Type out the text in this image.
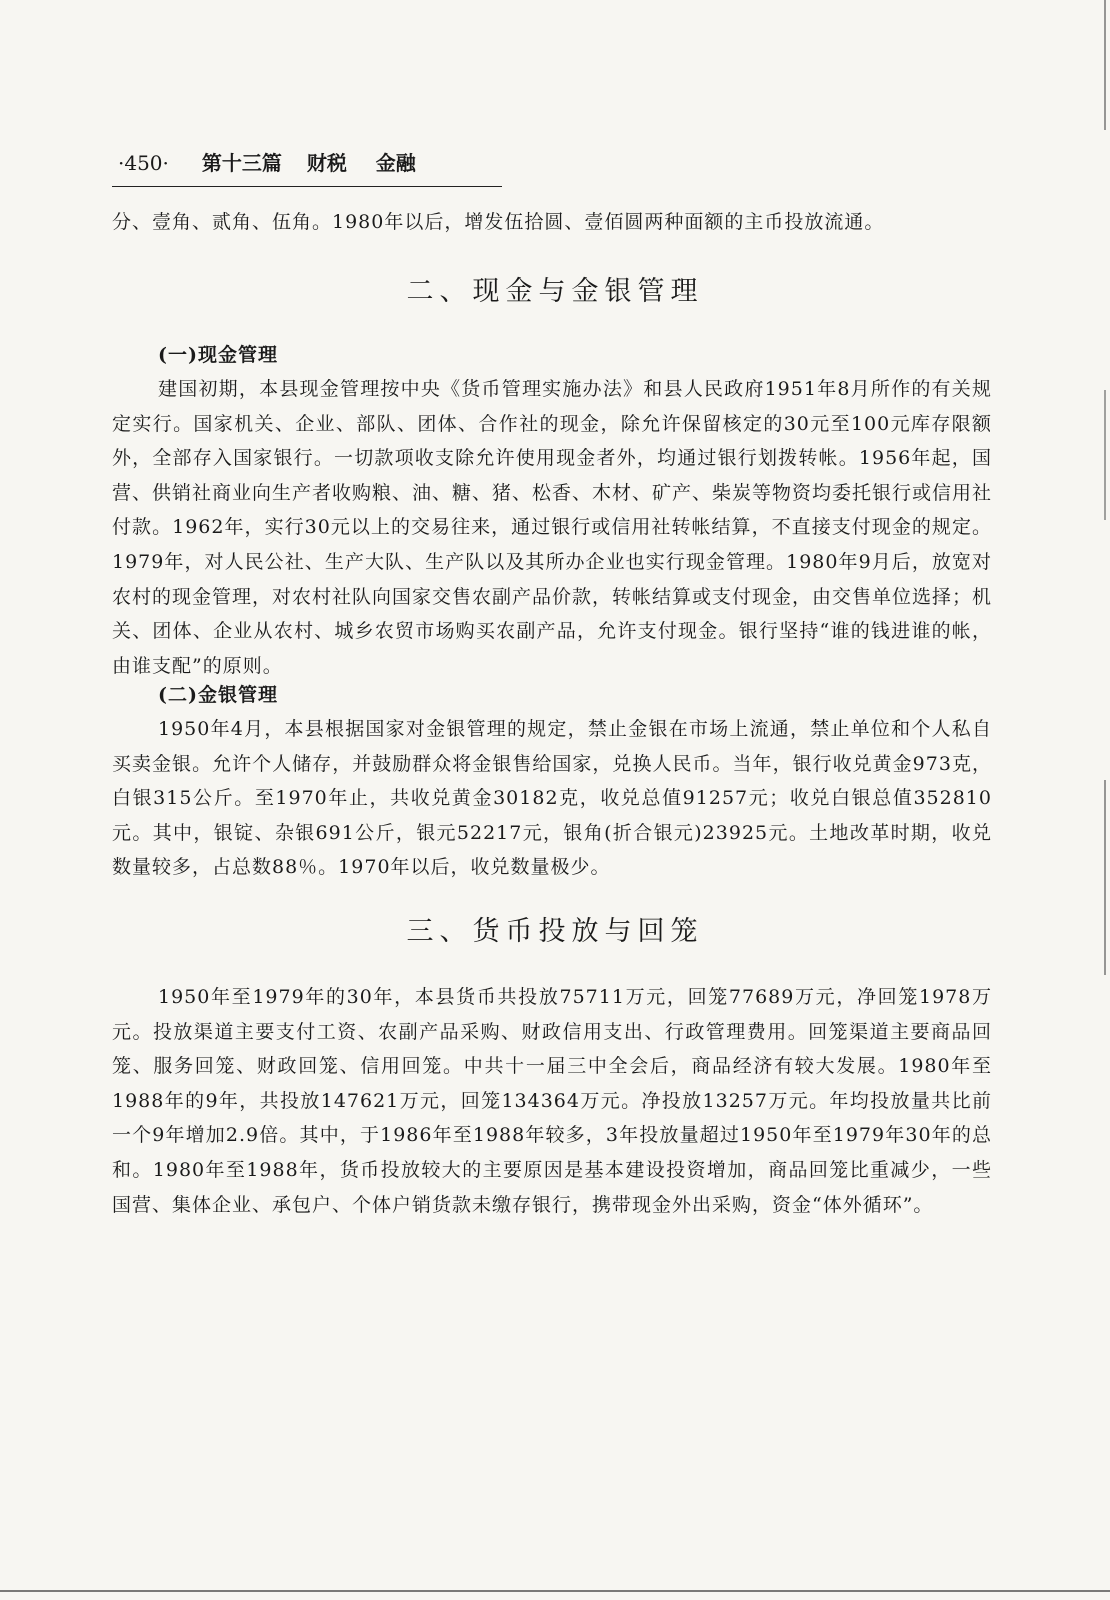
·450· 第十三篇 财税 金融
分、壹角、贰角、伍角。1980年以后，增发伍拾圆、壹佰圆两种面额的主币投放流通。
二、现金与金银管理
(一)现金管理
建国初期，本县现金管理按中央《货币管理实施办法》和县人民政府1951年8月所作的有关规定实行。国家机关、企业、部队、团体、合作社的现金，除允许保留核定的30元至100元库存限额外，全部存入国家银行。一切款项收支除允许使用现金者外，均通过银行划拨转帐。1956年起，国营、供销社商业向生产者收购粮、油、糖、猪、松香、木材、矿产、柴炭等物资均委托银行或信用社付款。1962年，实行30元以上的交易往来，通过银行或信用社转帐结算，不直接支付现金的规定。1979年，对人民公社、生产大队、生产队以及其所办企业也实行现金管理。1980年9月后，放宽对农村的现金管理，对农村社队向国家交售农副产品价款，转帐结算或支付现金，由交售单位选择；机关、团体、企业从农村、城乡农贸市场购买农副产品，允许支付现金。银行坚持“谁的钱进谁的帐，由谁支配”的原则。
(二)金银管理
1950年4月，本县根据国家对金银管理的规定，禁止金银在市场上流通，禁止单位和个人私自买卖金银。允许个人储存，并鼓励群众将金银售给国家，兑换人民币。当年，银行收兑黄金973克，白银315公斤。至1970年止，共收兑黄金30182克，收兑总值91257元；收兑白银总值352810元。其中，银锭、杂银691公斤，银元52217元，银角(折合银元)23925元。土地改革时期，收兑数量较多，占总数88％。1970年以后，收兑数量极少。
三、货币投放与回笼
1950年至1979年的30年，本县货币共投放75711万元，回笼77689万元，净回笼1978万元。投放渠道主要支付工资、农副产品采购、财政信用支出、行政管理费用。回笼渠道主要商品回笼、服务回笼、财政回笼、信用回笼。中共十一届三中全会后，商品经济有较大发展。1980年至1988年的9年，共投放147621万元，回笼134364万元。净投放13257万元。年均投放量共比前一个9年增加2.9倍。其中，于1986年至1988年较多，3年投放量超过1950年至1979年30年的总和。1980年至1988年，货币投放较大的主要原因是基本建设投资增加，商品回笼比重减少，一些国营、集体企业、承包户、个体户销货款未缴存银行，携带现金外出采购，资金“体外循环”。
